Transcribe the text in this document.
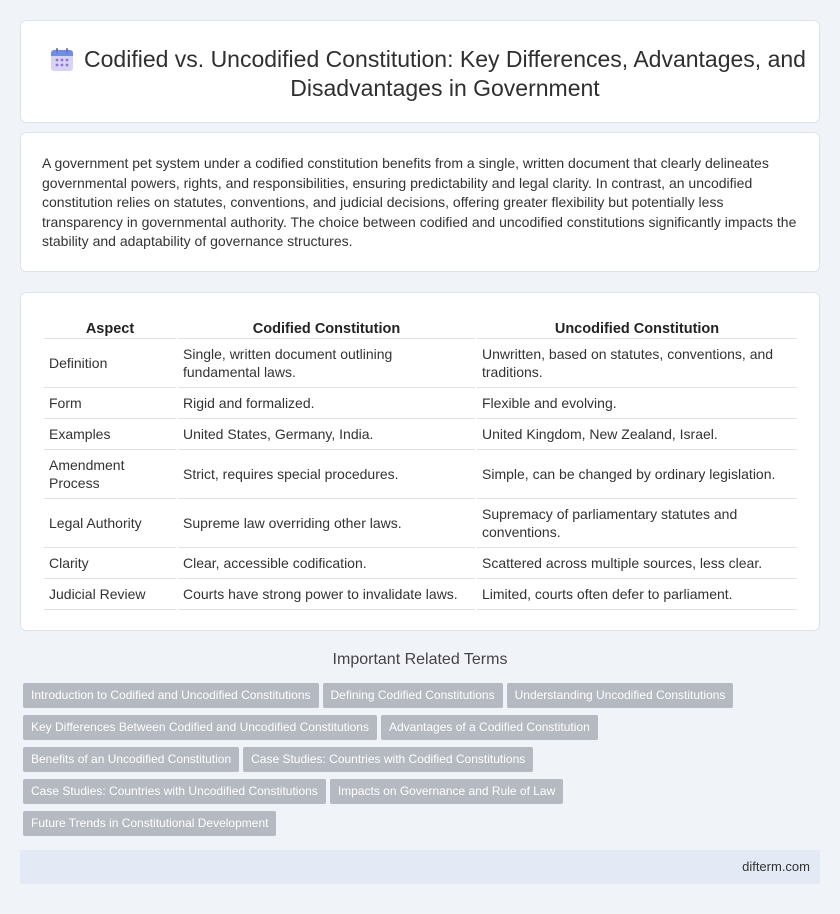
Codified vs. Uncodified Constitution: Key Differences, Advantages, and Disadvantages in Government

A government pet system under a codified constitution benefits from a single, written document that clearly delineates governmental powers, rights, and responsibilities, ensuring predictability and legal clarity. In contrast, an uncodified constitution relies on statutes, conventions, and judicial decisions, offering greater flexibility but potentially less transparency in governmental authority. The choice between codified and uncodified constitutions significantly impacts the stability and adaptability of governance structures.

Aspect	Codified Constitution	Uncodified Constitution
Definition	Single, written document outlining fundamental laws.	Unwritten, based on statutes, conventions, and traditions.
Form	Rigid and formalized.	Flexible and evolving.
Examples	United States, Germany, India.	United Kingdom, New Zealand, Israel.
Amendment Process	Strict, requires special procedures.	Simple, can be changed by ordinary legislation.
Legal Authority	Supreme law overriding other laws.	Supremacy of parliamentary statutes and conventions.
Clarity	Clear, accessible codification.	Scattered across multiple sources, less clear.
Judicial Review	Courts have strong power to invalidate laws.	Limited, courts often defer to parliament.
Important Related Terms
Introduction to Codified and Uncodified Constitutions Defining Codified Constitutions Understanding Uncodified Constitutions
Key Differences Between Codified and Uncodified Constitutions Advantages of a Codified Constitution
Benefits of an Uncodified Constitution Case Studies: Countries with Codified Constitutions
Case Studies: Countries with Uncodified Constitutions Impacts on Governance and Rule of Law
Future Trends in Constitutional Development
difterm.com
